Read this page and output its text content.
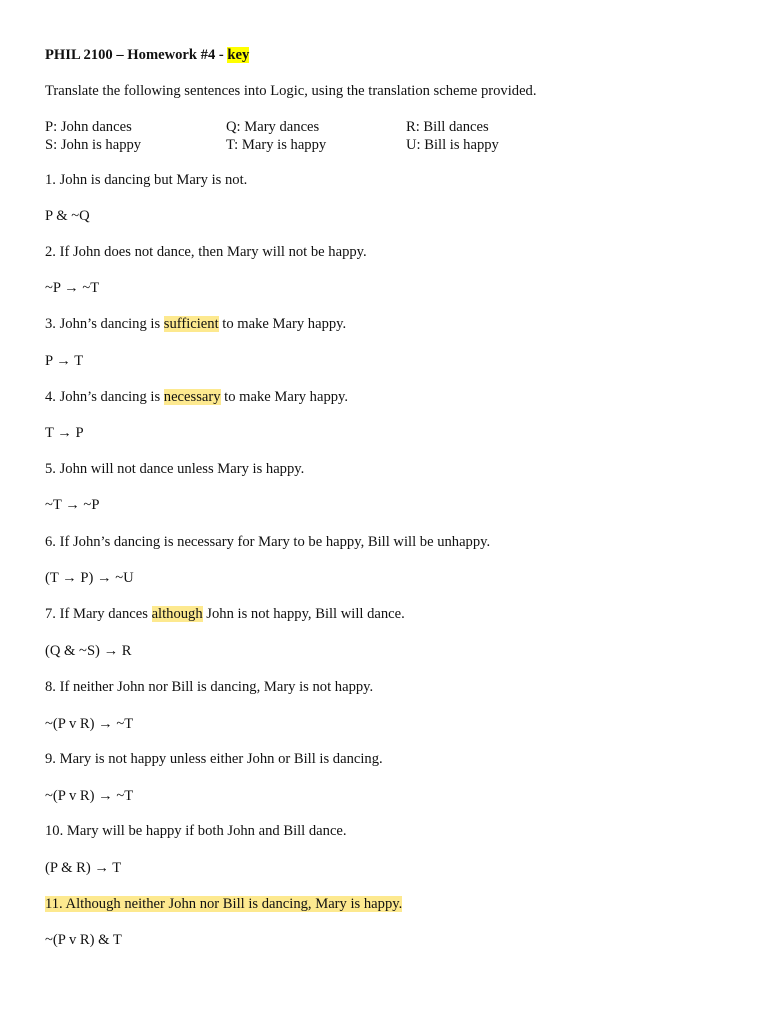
PHIL 2100 – Homework #4 - key
Translate the following sentences into Logic, using the translation scheme provided.
P: John dances	Q: Mary dances	R: Bill dances
S: John is happy	T: Mary is happy	U: Bill is happy
1. John is dancing but Mary is not.
P & ~Q
2. If John does not dance, then Mary will not be happy.
~P → ~T
3. John’s dancing is sufficient to make Mary happy.
P → T
4. John’s dancing is necessary to make Mary happy.
T → P
5. John will not dance unless Mary is happy.
~T → ~P
6. If John’s dancing is necessary for Mary to be happy, Bill will be unhappy.
(T → P) → ~U
7. If Mary dances although John is not happy, Bill will dance.
(Q & ~S) → R
8. If neither John nor Bill is dancing, Mary is not happy.
~(P v R) → ~T
9. Mary is not happy unless either John or Bill is dancing.
~(P v R) → ~T
10. Mary will be happy if both John and Bill dance.
(P & R) → T
11. Although neither John nor Bill is dancing, Mary is happy.
~(P v R) & T
